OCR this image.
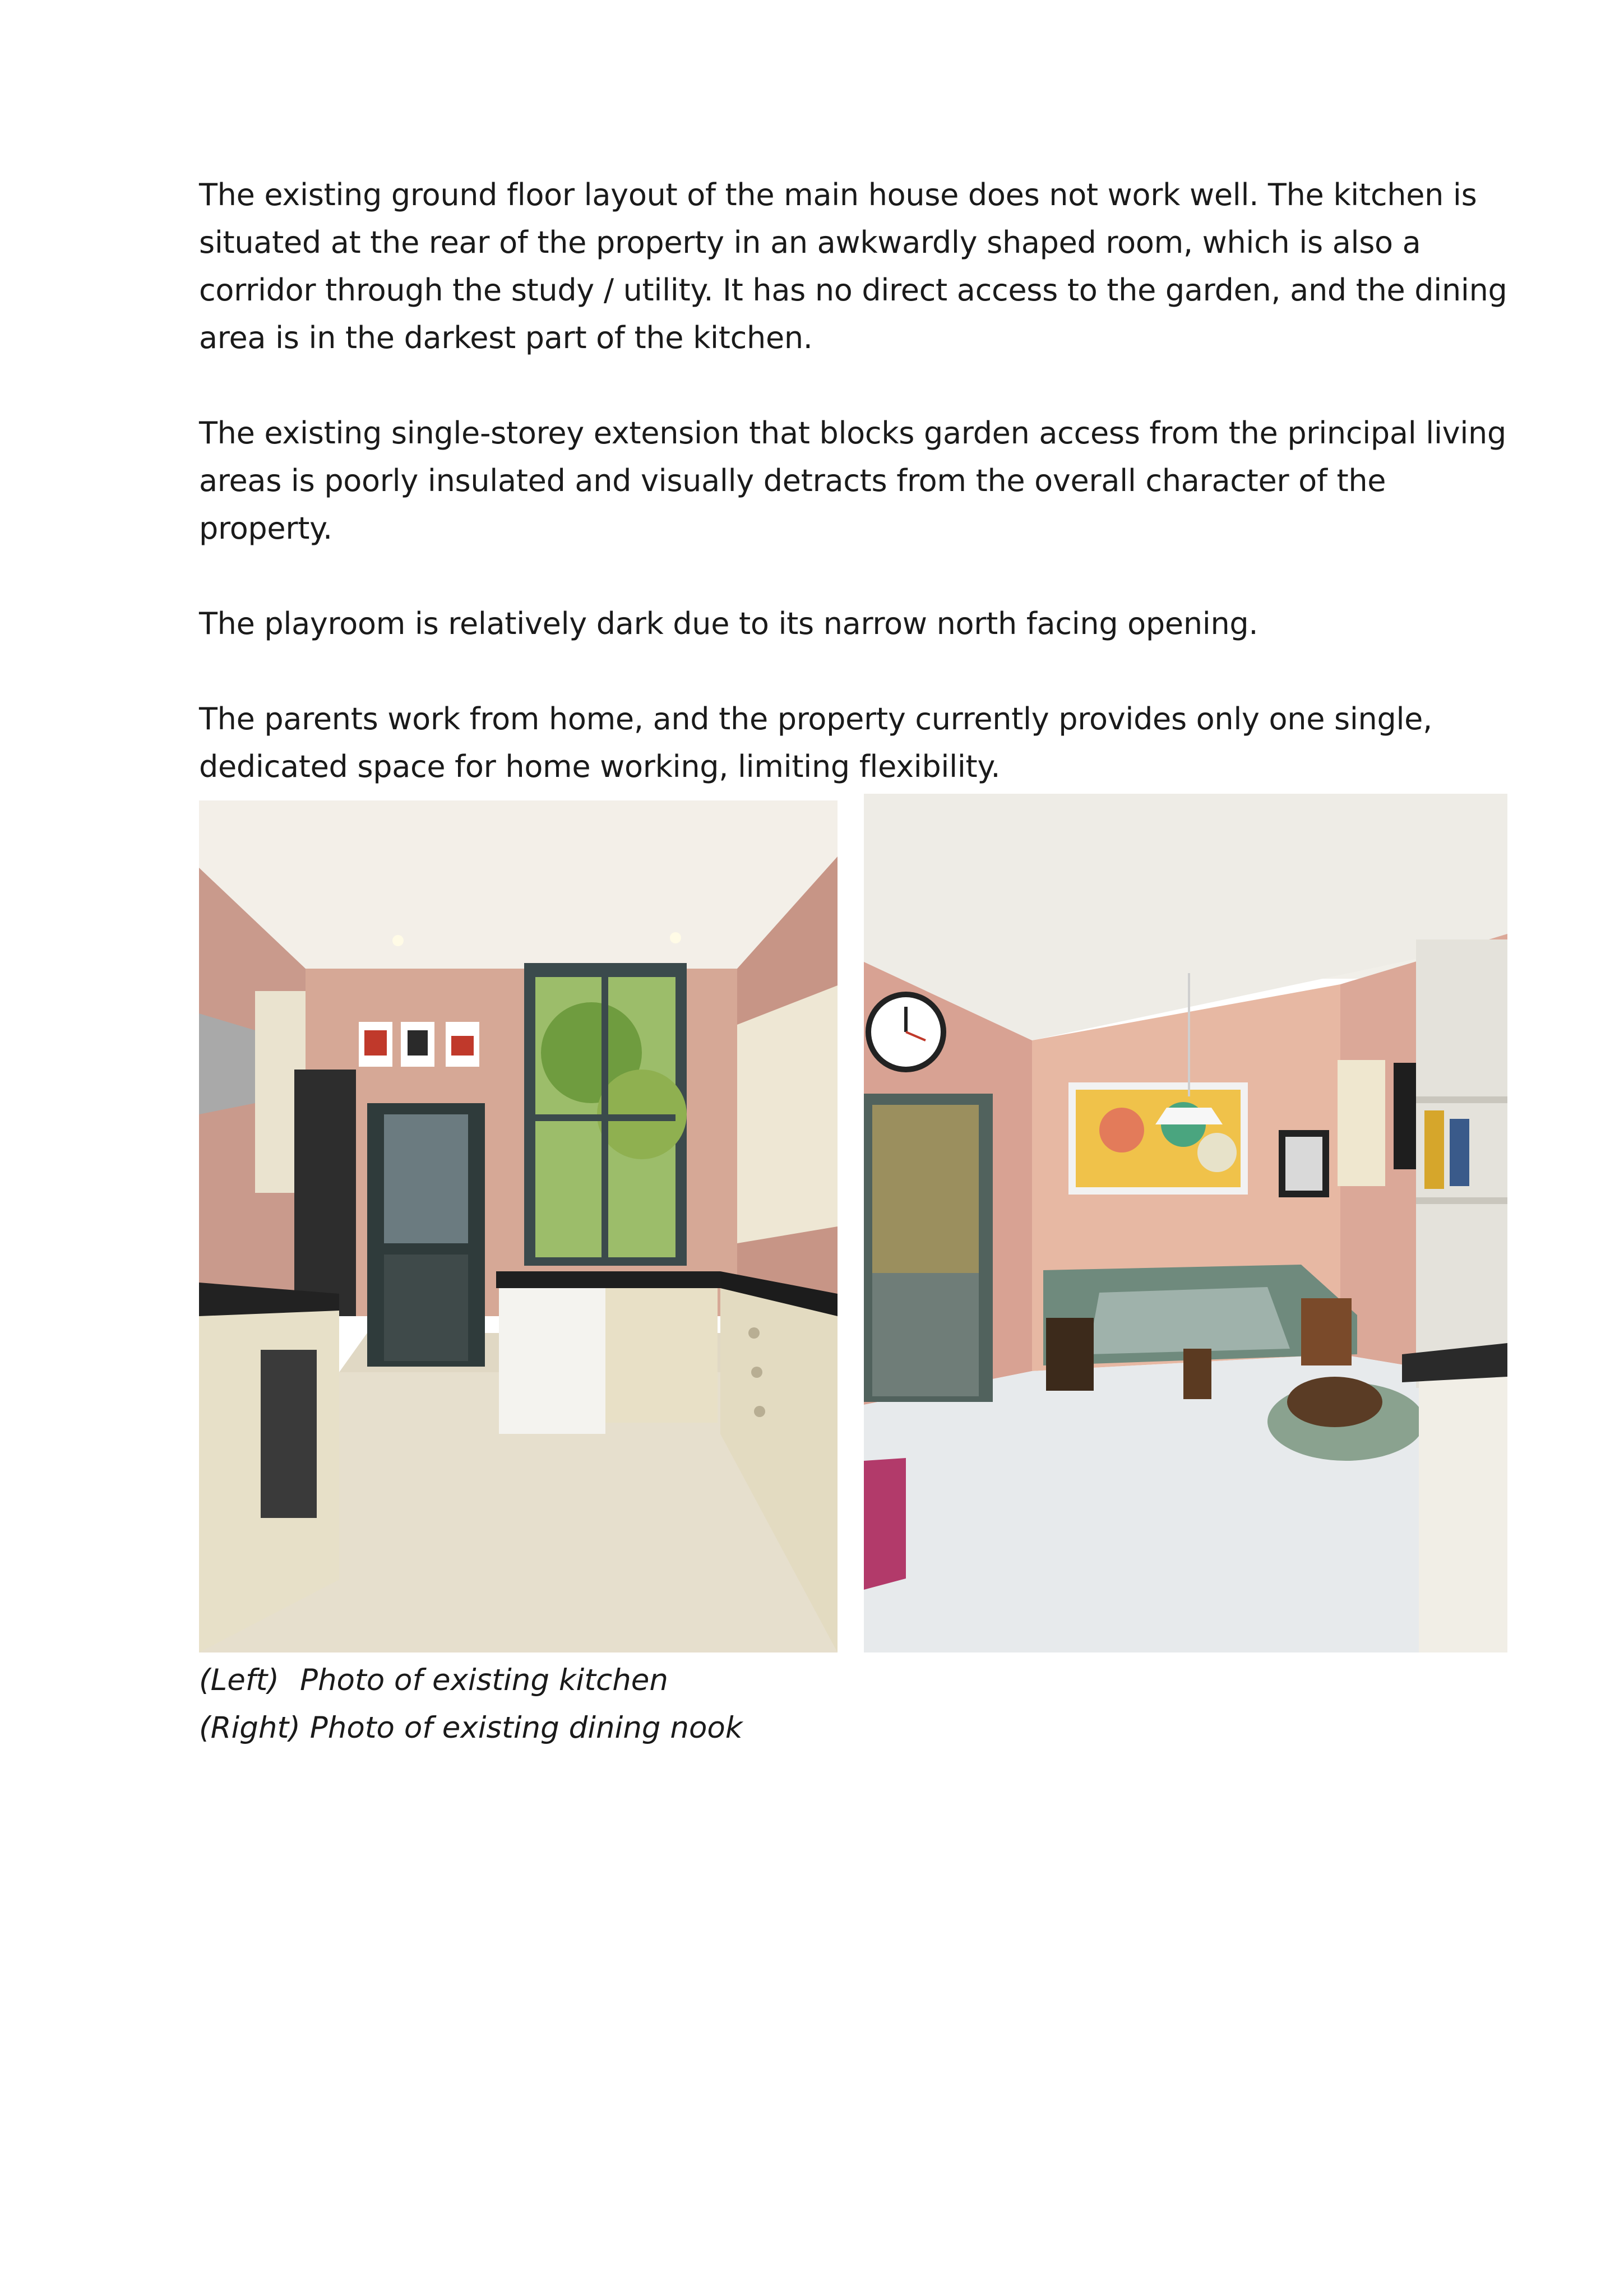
The existing ground floor layout of the main house does not work well. The kitchen is situated at the rear of the property in an awkwardly shaped room, which is also a corridor through the study / utility. It has no direct access to the garden, and the dining area is in the darkest part of the kitchen.

The existing single-storey extension that blocks garden access from the principal living areas is poorly insulated and visually detracts from the overall character of the property.

The playroom is relatively dark due to its narrow north facing opening.

The parents work from home, and the property currently provides only one single, dedicated space for home working, limiting flexibility.

(Left) Photo of existing kitchen
(Right) Photo of existing dining nook
